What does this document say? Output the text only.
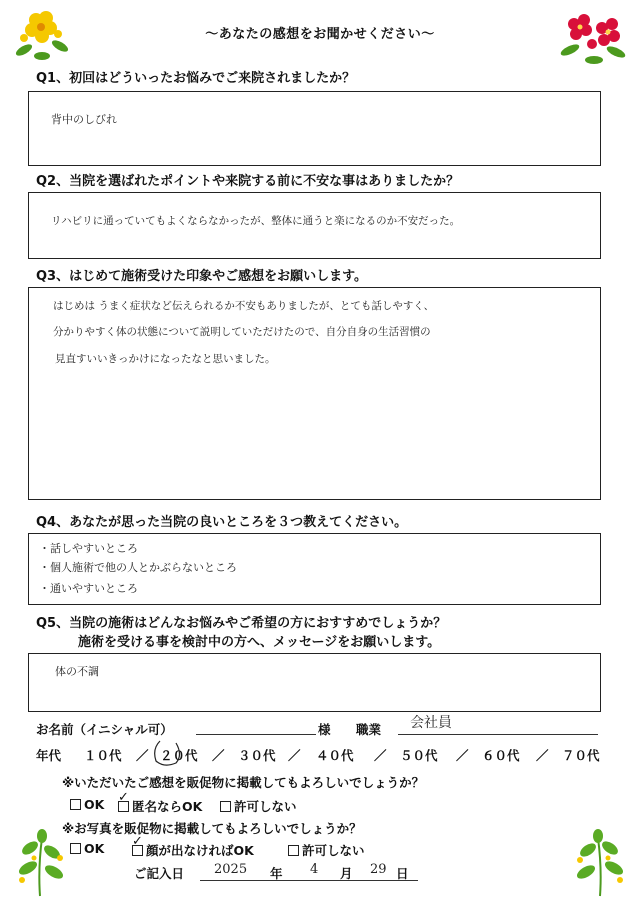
～あなたの感想をお聞かせください～
Q1、初回はどういったお悩みでご来院されましたか？
背中のしびれ
Q2、当院を選ばれたポイントや来院する前に不安な事はありましたか？
リハビリに通っていてもよくならなかったが、整体に通うと楽になるのか不安だった。
Q3、はじめて施術受けた印象やご感想をお願いします。
はじめは うまく症状など伝えられるか不安もありましたが、とても話しやすく、
分かりやすく体の状態について説明していただけたので、自分自身の生活習慣の
見直すいいきっかけになったなと思いました。
Q4、あなたが思った当院の良いところを３つ教えてください。
・話しやすいところ
・個人施術で他の人とかぶらないところ
・通いやすいところ
Q5、当院の施術はどんなお悩みやご希望の方におすすめでしょうか？
施術を受ける事を検討中の方へ、メッセージをお願いします。
体の不調
お名前（イニシャル可）	様 職業 会社員
年代 １０代 ／ ２０代 ／ ３０代 ／ ４０代 ／ ５０代 ／ ６０代 ／ ７０代
※いただいたご感想を販促物に掲載してもよろしいでしょうか？
OK	匿名ならOK	許可しない
✓
※お写真を販促物に掲載してもよろしいでしょうか？
OK	顔が出なければOK	許可しない
✓
ご記入日 2025 年 4 月 29 日
